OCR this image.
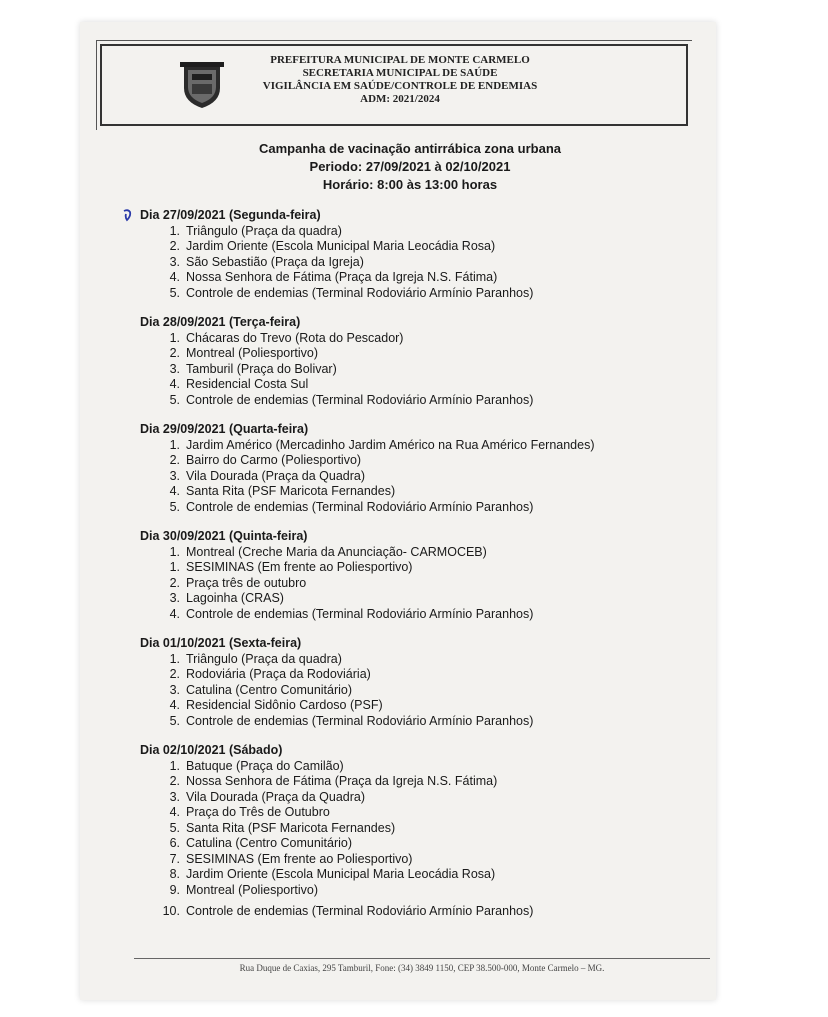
PREFEITURA MUNICIPAL DE MONTE CARMELO
SECRETARIA MUNICIPAL DE SAÚDE
VIGILÂNCIA EM SAÚDE/CONTROLE DE ENDEMIAS
ADM: 2021/2024
Campanha de vacinação antirrábica zona urbana
Periodo: 27/09/2021 à 02/10/2021
Horário: 8:00 às 13:00 horas
Dia 27/09/2021 (Segunda-feira)
1. Triângulo (Praça da quadra)
2. Jardim Oriente (Escola Municipal Maria Leocádia Rosa)
3. São Sebastião (Praça da Igreja)
4. Nossa Senhora de Fátima (Praça da Igreja N.S. Fátima)
5. Controle de endemias (Terminal Rodoviário Armínio Paranhos)
Dia 28/09/2021 (Terça-feira)
1. Chácaras do Trevo (Rota do Pescador)
2. Montreal (Poliesportivo)
3. Tamburil (Praça do Bolivar)
4. Residencial Costa Sul
5. Controle de endemias (Terminal Rodoviário Armínio Paranhos)
Dia 29/09/2021 (Quarta-feira)
1. Jardim Américo (Mercadinho Jardim Américo na Rua Américo Fernandes)
2. Bairro do Carmo (Poliesportivo)
3. Vila Dourada (Praça da Quadra)
4. Santa Rita (PSF Maricota Fernandes)
5. Controle de endemias (Terminal Rodoviário Armínio Paranhos)
Dia 30/09/2021 (Quinta-feira)
1. Montreal (Creche Maria da Anunciação- CARMOCEB)
1. SESIMINAS (Em frente ao Poliesportivo)
2. Praça três de outubro
3. Lagoinha (CRAS)
4. Controle de endemias (Terminal Rodoviário Armínio Paranhos)
Dia 01/10/2021 (Sexta-feira)
1. Triângulo (Praça da quadra)
2. Rodoviária (Praça da Rodoviária)
3. Catulina (Centro Comunitário)
4. Residencial Sidônio Cardoso (PSF)
5. Controle de endemias (Terminal Rodoviário Armínio Paranhos)
Dia 02/10/2021 (Sábado)
1. Batuque (Praça do Camilão)
2. Nossa Senhora de Fátima (Praça da Igreja N.S. Fátima)
3. Vila Dourada (Praça da Quadra)
4. Praça do Três de Outubro
5. Santa Rita (PSF Maricota Fernandes)
6. Catulina (Centro Comunitário)
7. SESIMINAS (Em frente ao Poliesportivo)
8. Jardim Oriente (Escola Municipal Maria Leocádia Rosa)
9. Montreal (Poliesportivo)
10. Controle de endemias (Terminal Rodoviário Armínio Paranhos)
Rua Duque de Caxias, 295 Tamburil, Fone: (34) 3849 1150, CEP 38.500-000, Monte Carmelo – MG.
